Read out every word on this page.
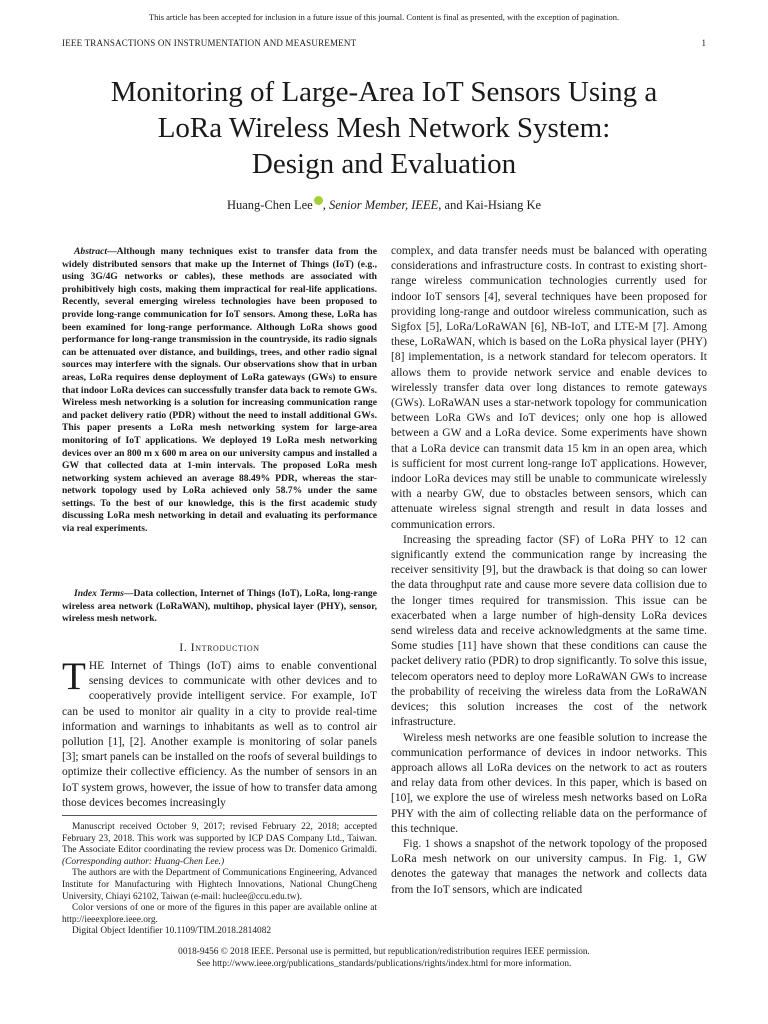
This article has been accepted for inclusion in a future issue of this journal. Content is final as presented, with the exception of pagination.
IEEE TRANSACTIONS ON INSTRUMENTATION AND MEASUREMENT	1
Monitoring of Large-Area IoT Sensors Using a
LoRa Wireless Mesh Network System:
Design and Evaluation
Huang-Chen Lee , Senior Member, IEEE, and Kai-Hsiang Ke

Abstract—Although many techniques exist to transfer data from the widely distributed sensors that make up the Internet of Things (IoT) (e.g., using 3G/4G networks or cables), these methods are associated with prohibitively high costs, making them impractical for real-life applications. Recently, several emerging wireless technologies have been proposed to provide long-range communication for IoT sensors. Among these, LoRa has been examined for long-range performance. Although LoRa shows good performance for long-range transmission in the countryside, its radio signals can be attenuated over distance, and buildings, trees, and other radio signal sources may interfere with the signals. Our observations show that in urban areas, LoRa requires dense deployment of LoRa gateways (GWs) to ensure that indoor LoRa devices can successfully transfer data back to remote GWs. Wireless mesh networking is a solution for increasing communication range and packet delivery ratio (PDR) without the need to install additional GWs. This paper presents a LoRa mesh networking system for large-area monitoring of IoT applications. We deployed 19 LoRa mesh networking devices over an 800 m x 600 m area on our university campus and installed a GW that collected data at 1-min intervals. The proposed LoRa mesh networking system achieved an average 88.49% PDR, whereas the star-network topology used by LoRa achieved only 58.7% under the same settings. To the best of our knowledge, this is the first academic study discussing LoRa mesh networking in detail and evaluating its performance via real experiments.

Index Terms—Data collection, Internet of Things (IoT), LoRa, long-range wireless area network (LoRaWAN), multihop, physical layer (PHY), sensor, wireless mesh network.

I. Introduction

THE Internet of Things (IoT) aims to enable conventional sensing devices to communicate with other devices and to cooperatively provide intelligent service. For example, IoT can be used to monitor air quality in a city to provide real-time information and warnings to inhabitants as well as to control air pollution [1], [2]. Another example is monitoring of solar panels [3]; smart panels can be installed on the roofs of several buildings to optimize their collective efficiency. As the number of sensors in an IoT system grows, however, the issue of how to transfer data among those devices becomes increasingly

Manuscript received October 9, 2017; revised February 22, 2018; accepted February 23, 2018. This work was supported by ICP DAS Company Ltd., Taiwan. The Associate Editor coordinating the review process was Dr. Domenico Grimaldi. (Corresponding author: Huang-Chen Lee.)

The authors are with the Department of Communications Engineering, Advanced Institute for Manufacturing with Hightech Innovations, National ChungCheng University, Chiayi 62102, Taiwan (e-mail: huclee@ccu.edu.tw).

Color versions of one or more of the figures in this paper are available online at http://ieeexplore.ieee.org.

Digital Object Identifier 10.1109/TIM.2018.2814082

complex, and data transfer needs must be balanced with operating considerations and infrastructure costs. In contrast to existing short-range wireless communication technologies currently used for indoor IoT sensors [4], several techniques have been proposed for providing long-range and outdoor wireless communication, such as Sigfox [5], LoRa/LoRaWAN [6], NB-IoT, and LTE-M [7]. Among these, LoRaWAN, which is based on the LoRa physical layer (PHY) [8] implementation, is a network standard for telecom operators. It allows them to provide network service and enable devices to wirelessly transfer data over long distances to remote gateways (GWs). LoRaWAN uses a star-network topology for communication between LoRa GWs and IoT devices; only one hop is allowed between a GW and a LoRa device. Some experiments have shown that a LoRa device can transmit data 15 km in an open area, which is sufficient for most current long-range IoT applications. However, indoor LoRa devices may still be unable to communicate wirelessly with a nearby GW, due to obstacles between sensors, which can attenuate wireless signal strength and result in data losses and communication errors.

Increasing the spreading factor (SF) of LoRa PHY to 12 can significantly extend the communication range by increasing the receiver sensitivity [9], but the drawback is that doing so can lower the data throughput rate and cause more severe data collision due to the longer times required for transmission. This issue can be exacerbated when a large number of high-density LoRa devices send wireless data and receive acknowledgments at the same time. Some studies [11] have shown that these conditions can cause the packet delivery ratio (PDR) to drop significantly. To solve this issue, telecom operators need to deploy more LoRaWAN GWs to increase the probability of receiving the wireless data from the LoRaWAN devices; this solution increases the cost of the network infrastructure.

Wireless mesh networks are one feasible solution to increase the communication performance of devices in indoor networks. This approach allows all LoRa devices on the network to act as routers and relay data from other devices. In this paper, which is based on [10], we explore the use of wireless mesh networks based on LoRa PHY with the aim of collecting reliable data on the performance of this technique.

Fig. 1 shows a snapshot of the network topology of the proposed LoRa mesh network on our university campus. In Fig. 1, GW denotes the gateway that manages the network and collects data from the IoT sensors, which are indicated

0018-9456 © 2018 IEEE. Personal use is permitted, but republication/redistribution requires IEEE permission.
See http://www.ieee.org/publications_standards/publications/rights/index.html for more information.
